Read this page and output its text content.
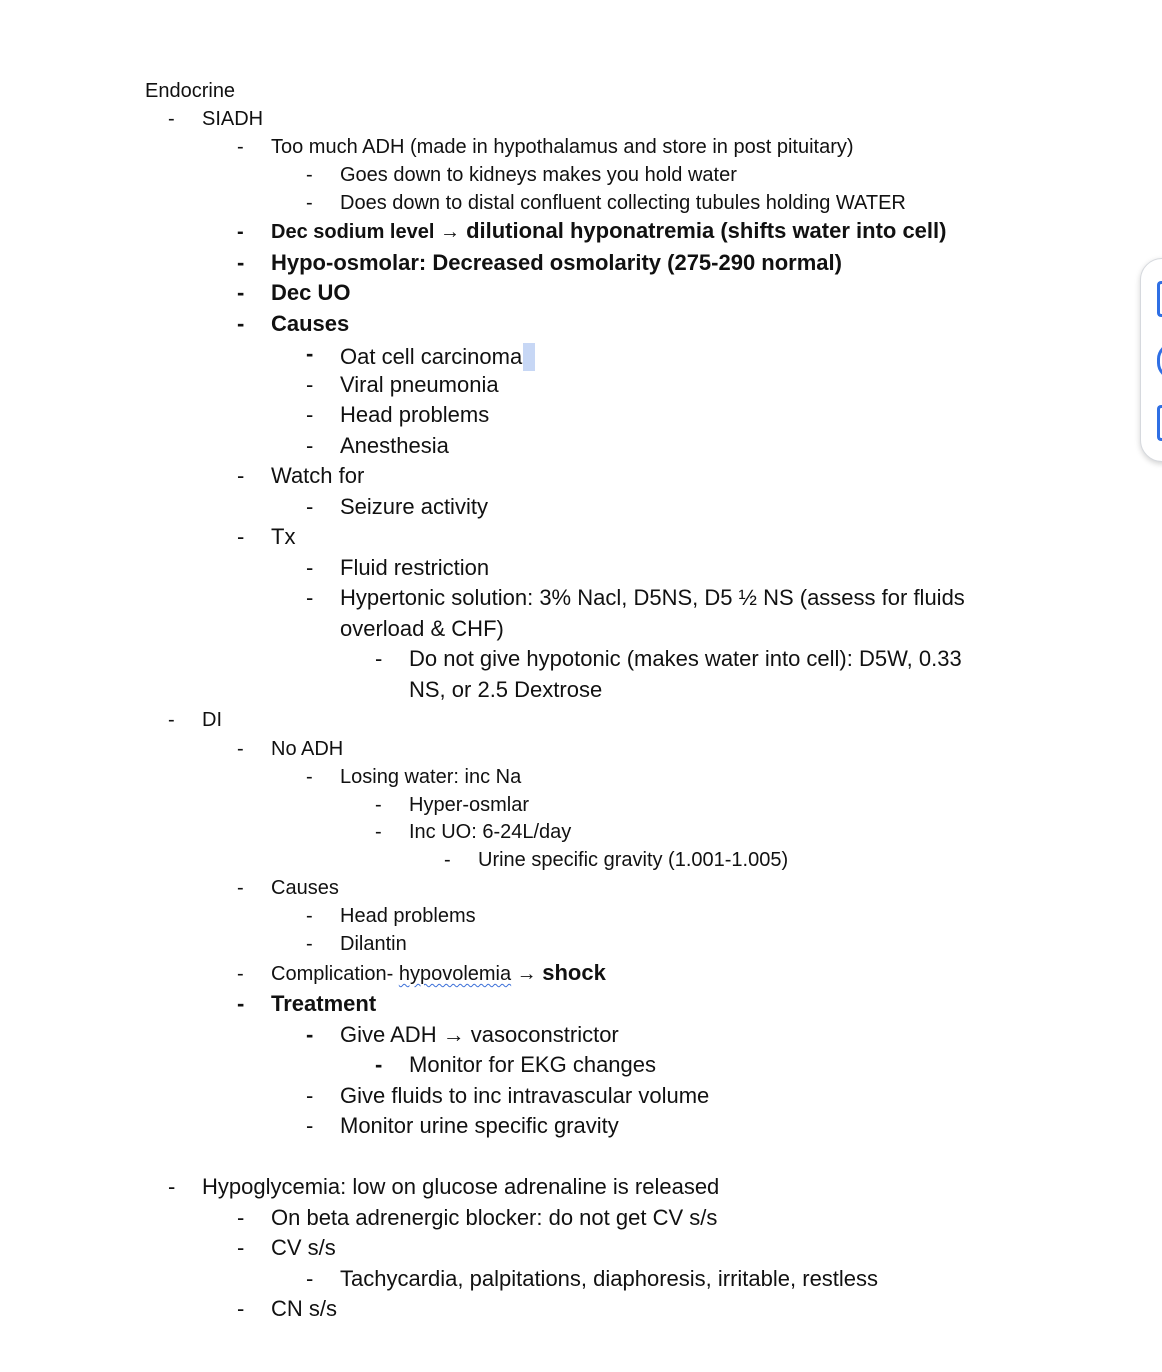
Endocrine
- SIADH
- Too much ADH (made in hypothalamus and store in post pituitary)
- Goes down to kidneys makes you hold water
- Does down to distal confluent collecting tubules holding WATER
- Dec sodium level → dilutional hyponatremia (shifts water into cell)
- Hypo-osmolar: Decreased osmolarity (275-290 normal)
- Dec UO
- Causes
- Oat cell carcinoma
- Viral pneumonia
- Head problems
- Anesthesia
- Watch for
- Seizure activity
- Tx
- Fluid restriction
- Hypertonic solution: 3% Nacl, D5NS, D5 ½ NS (assess for fluids
overload & CHF)
- Do not give hypotonic (makes water into cell): D5W, 0.33
NS, or 2.5 Dextrose
- DI
- No ADH
- Losing water: inc Na
- Hyper-osmlar
- Inc UO: 6-24L/day
- Urine specific gravity (1.001-1.005)
- Causes
- Head problems
- Dilantin
- Complication- hypovolemia → shock
- Treatment
- Give ADH → vasoconstrictor
- Monitor for EKG changes
- Give fluids to inc intravascular volume
- Monitor urine specific gravity
- Hypoglycemia: low on glucose adrenaline is released
- On beta adrenergic blocker: do not get CV s/s
- CV s/s
- Tachycardia, palpitations, diaphoresis, irritable, restless
- CN s/s
